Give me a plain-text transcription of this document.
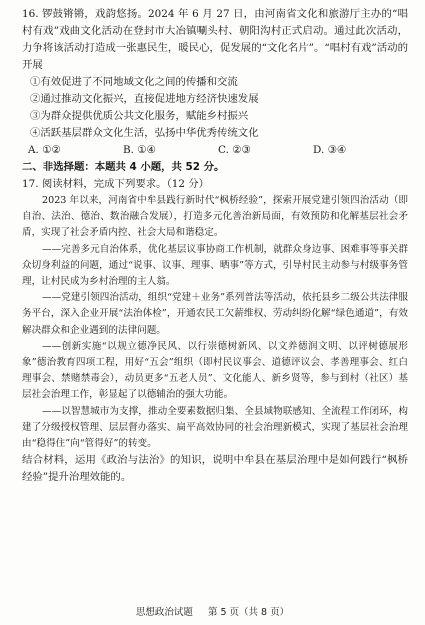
16. 锣鼓锵锵，戏韵悠扬。2024 年 6 月 27 日，由河南省文化和旅游厅主办的“唱村有戏”戏曲文化活动在登封市大冶镇唰头村、朝阳沟村正式启动。通过此次活动，力争将该活动打造成一张惠民生，暖民心，促发展的“文化名片”。“唱村有戏”活动的开展

①有效促进了不同地域文化之间的传播和交流

②通过推动文化振兴，直接促进地方经济快速发展

③为群众提供优质公共文化服务，赋能乡村振兴

④活跃基层群众文化生活，弘扬中华优秀传统文化

A. ①②	B. ①④	C. ②③	D. ③④

二、非选择题：本题共 4 小题，共 52 分。

17. 阅读材料，完成下列要求。（12 分）

2023 年以来，河南省中牟县践行新时代“枫桥经验”，探索开展党建引领四治活动（即自治、法治、德治、数治融合发展），打造多元化善治新局面，有效预防和化解基层社会矛盾，实现了社会矛盾内控、社会大局和谐稳定。

——完善多元自治体系，优化基层议事协商工作机制，就群众身边事、困难事等事关群众切身利益的问题，通过“说事、议事、理事、晒事”等方式，引导村民主动参与村级事务管理，让村民成为乡村治理的主人翁。

——党建引领四治活动，组织“党建＋业务”系列普法等活动，依托县乡二级公共法律服务平台，深入企业开展“法治体检”，开通农民工欠薪维权、劳动纠纷化解“绿色通道”，有效解决群众和企业遇到的法律问题。

——创新实施“以规立德净民风、以行崇德树新风、以文养德润文明、以评树德展形象”德治教育四项工程，用好“五会”组织（即村民议事会、道德评议会、孝善理事会、红白理事会、禁赌禁毒会），动员更多“五老人员”、文化能人、新乡贤等，参与到村（社区）基层社会治理工作，彰显起了以德辅治的强大功能。

——以智慧城市为支撑，推动全要素数据归集、全县域物联感知、全流程工作闭环，构建了分级授权管理、层层督办落实、扁平高效协同的社会治理新模式，实现了基层社会治理由“稳得住”向“管得好”的转变。

结合材料，运用《政治与法治》的知识，说明中牟县在基层治理中是如何践行“枫桥经验”提升治理效能的。

思想政治试题 第 5 页（共 8 页）
